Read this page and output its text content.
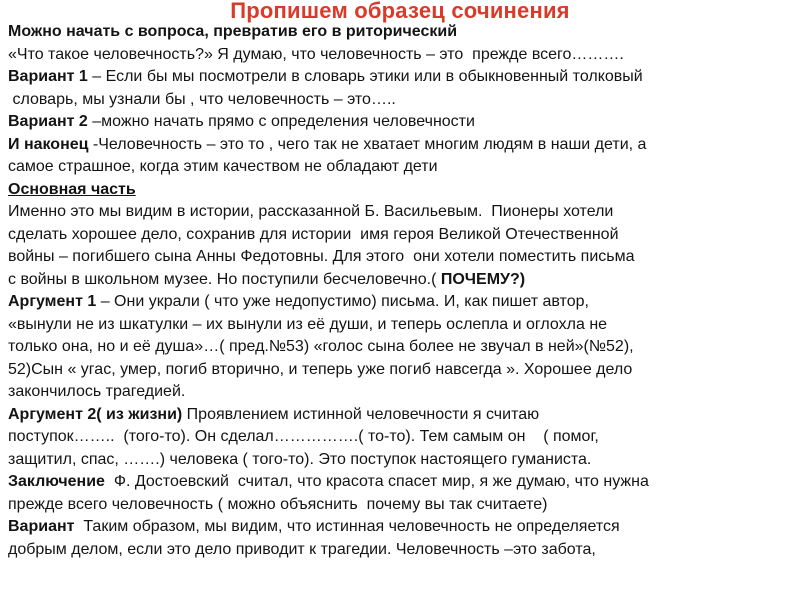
Пропишем образец сочинения

Можно начать с вопроса, превратив его в риторический

«Что такое человечность?» Я думаю, что человечность – это  прежде всего……….

Вариант 1 – Если бы мы посмотрели в словарь этики или в обыкновенный толковый

словарь, мы узнали бы , что человечность – это…..

Вариант 2 –можно начать прямо с определения человечности

И наконец -Человечность – это то , чего так не хватает многим людям в наши дети, а

самое страшное, когда этим качеством не обладают дети

Основная часть

Именно это мы видим в истории, рассказанной Б. Васильевым.  Пионеры хотели

сделать хорошее дело, сохранив для истории  имя героя Великой Отечественной

войны – погибшего сына Анны Федотовны. Для этого  они хотели поместить письма

с войны в школьном музее. Но поступили бесчеловечно.( ПОЧЕМУ?)

Аргумент 1 – Они украли ( что уже недопустимо) письма. И, как пишет автор,

«вынули не из шкатулки – их вынули из её души, и теперь ослепла и оглохла не

только она, но и её душа»…( пред.№53) «голос сына более не звучал в ней»(№52),

52)Сын « угас, умер, погиб вторично, и теперь уже погиб навсегда ». Хорошее дело

закончилось трагедией.

Аргумент 2( из жизни) Проявлением истинной человечности я считаю

поступок……..  (того-то). Он сделал…………….( то-то). Тем самым он    ( помог,

защитил, спас, …….) человека ( того-то). Это поступок настоящего гуманиста.

Заключение  Ф. Достоевский  считал, что красота спасет мир, я же думаю, что нужна

прежде всего человечность ( можно объяснить  почему вы так считаете)

Вариант  Таким образом, мы видим, что истинная человечность не определяется

добрым делом, если это дело приводит к трагедии. Человечность –это забота,
